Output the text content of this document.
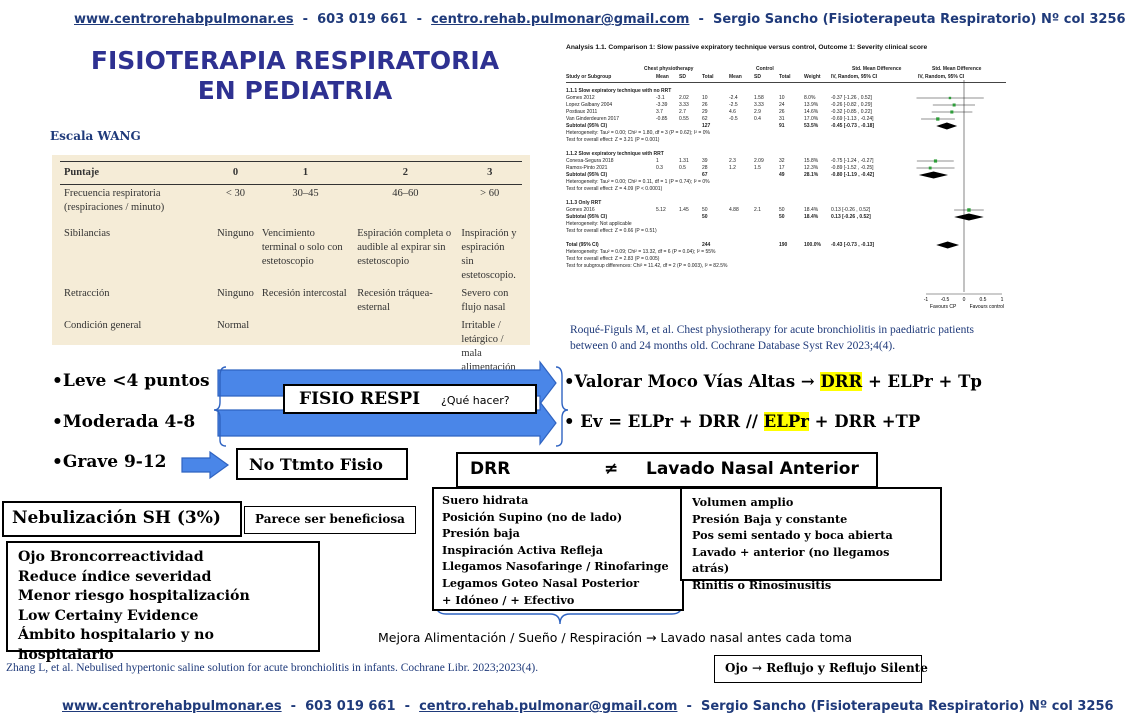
www.centrorehabpulmonar.es  -  603 019 661  -  centro.rehab.pulmonar@gmail.com  -  Sergio Sancho (Fisioterapeuta Respiratorio) Nº col 3256
FISIOTERAPIA RESPIRATORIA
EN PEDIATRIA
Escala WANG
Puntaje	0	1	2	3
Frecuencia respiratoria (respiraciones / minuto)	< 30	30–45	46–60	> 60
Sibilancias	Ninguno	Vencimiento terminal o solo con estetoscopio	Espiración completa o audible al expirar sin estetoscopio	Inspiración y espiración sin estetoscopio.
Retracción	Ninguno	Recesión intercostal	Recesión tráquea-esternal	Severo con flujo nasal
Condición general	Normal			Irritable / letárgico / mala alimentación
Analysis 1.1. Comparison 1: Slow passive expiratory technique versus control, Outcome 1: Severity clinical score
Chest physiotherapy	Control	Std. Mean Difference	Std. Mean Difference
Study or Subgroup	Mean SD	Total	Mean SD	Total	Weight IV, Random, 95% CI	IV, Random, 95% CI
1.1.1 Slow expiratory technique with no RRT
Gomes 2012	-3.1	2.02	10	-2.4	1.58	10	8.0%	-0.37 [-1.26 , 0.52]
Lopez Galbany 2004	-3.39 3.33	26	-2.5	3.33	24	13.9%	-0.26 [-0.82 , 0.29]
Postiaux 2011	3.7	2.7	29	4.6	2.9	26	14.6%	-0.32 [-0.85 , 0.22]
Van Ginderdeuren 2017	-0.85 0.55	62	-0.5	0.4	31	17.0%	-0.69 [-1.13 , -0.24]
Subtotal (95% CI)	127	91	53.5%	-0.45 [-0.73 , -0.18]
Heterogeneity: Tau² = 0.00; Chi² = 1.80, df = 3 (P = 0.62); I² = 0%
Test for overall effect: Z = 3.21 (P = 0.001)
1.1.2 Slow expiratory technique with RRT
Conesa-Segura 2018	1	1.31	39	2.3	2.09	32	15.8%	-0.75 [-1.24 , -0.27]
Ramos-Pinto 2021	0.3	0.5	28	1.2	1.5	17	12.3%	-0.89 [-1.52 , -0.25]
Subtotal (95% CI)	67	49	28.1%	-0.80 [-1.19 , -0.42]
Heterogeneity: Tau² = 0.00; Chi² = 0.11, df = 1 (P = 0.74); I² = 0%
Test for overall effect: Z = 4.09 (P < 0.0001)
1.1.3 Only RRT
Gomes 2016	5.12	1.45	50	4.88	2.1	50	18.4%	0.13 [-0.26 , 0.52]
Subtotal (95% CI)	50	50	18.4%	0.13 [-0.26 , 0.52]
Heterogeneity: Not applicable
Test for overall effect: Z = 0.66 (P = 0.51)
Total (95% CI)	244	190	100.0% -0.43 [-0.73 , -0.13]
Heterogeneity: Tau² = 0.09; Chi² = 13.32, df = 6 (P = 0.04); I² = 55%
Test for overall effect: Z = 2.83 (P = 0.005)
Test for subgroup differences: Chi² = 11.42, df = 2 (P = 0.003), I² = 82.5%
-1 -0.5	0	0.5	1
Favours CP	Favours control
Roqué-Figuls M, et al. Chest physiotherapy for acute bronchiolitis in paediatric patients
between 0 and 24 months old. Cochrane Database Syst Rev 2023;4(4).
•Leve <4 puntos
•Moderada 4-8
•Grave 9-12
FISIO RESPI ¿Qué hacer?
No Ttmto Fisio
•Valorar Moco Vías Altas → DRR + ELPr + Tp
• Ev = ELPr + DRR // ELPr + DRR +TP
DRR	≠ Lavado Nasal Anterior
Suero hidrata
Posición Supino (no de lado)
Presión baja
Inspiración Activa Refleja
Llegamos Nasofaringe / Rinofaringe
Legamos Goteo Nasal Posterior
+ Idóneo / + Efectivo
Volumen amplio
Presión Baja y constante
Pos semi sentado y boca abierta
Lavado + anterior (no llegamos atrás)
Rinitis o Rinosinusitis
Nebulización SH (3%)	Parece ser beneficiosa
Ojo Broncorreactividad
Reduce índice severidad
Menor riesgo hospitalización
Low Certainy Evidence
Ámbito hospitalario y no hospitalario
Mejora Alimentación / Sueño / Respiración → Lavado nasal antes cada toma
Zhang L, et al. Nebulised hypertonic saline solution for acute bronchiolitis in infants. Cochrane Libr. 2023;2023(4).	Ojo → Reflujo y Reflujo Silente
www.centrorehabpulmonar.es  -  603 019 661  -  centro.rehab.pulmonar@gmail.com  -  Sergio Sancho (Fisioterapeuta Respiratorio) Nº col 3256
